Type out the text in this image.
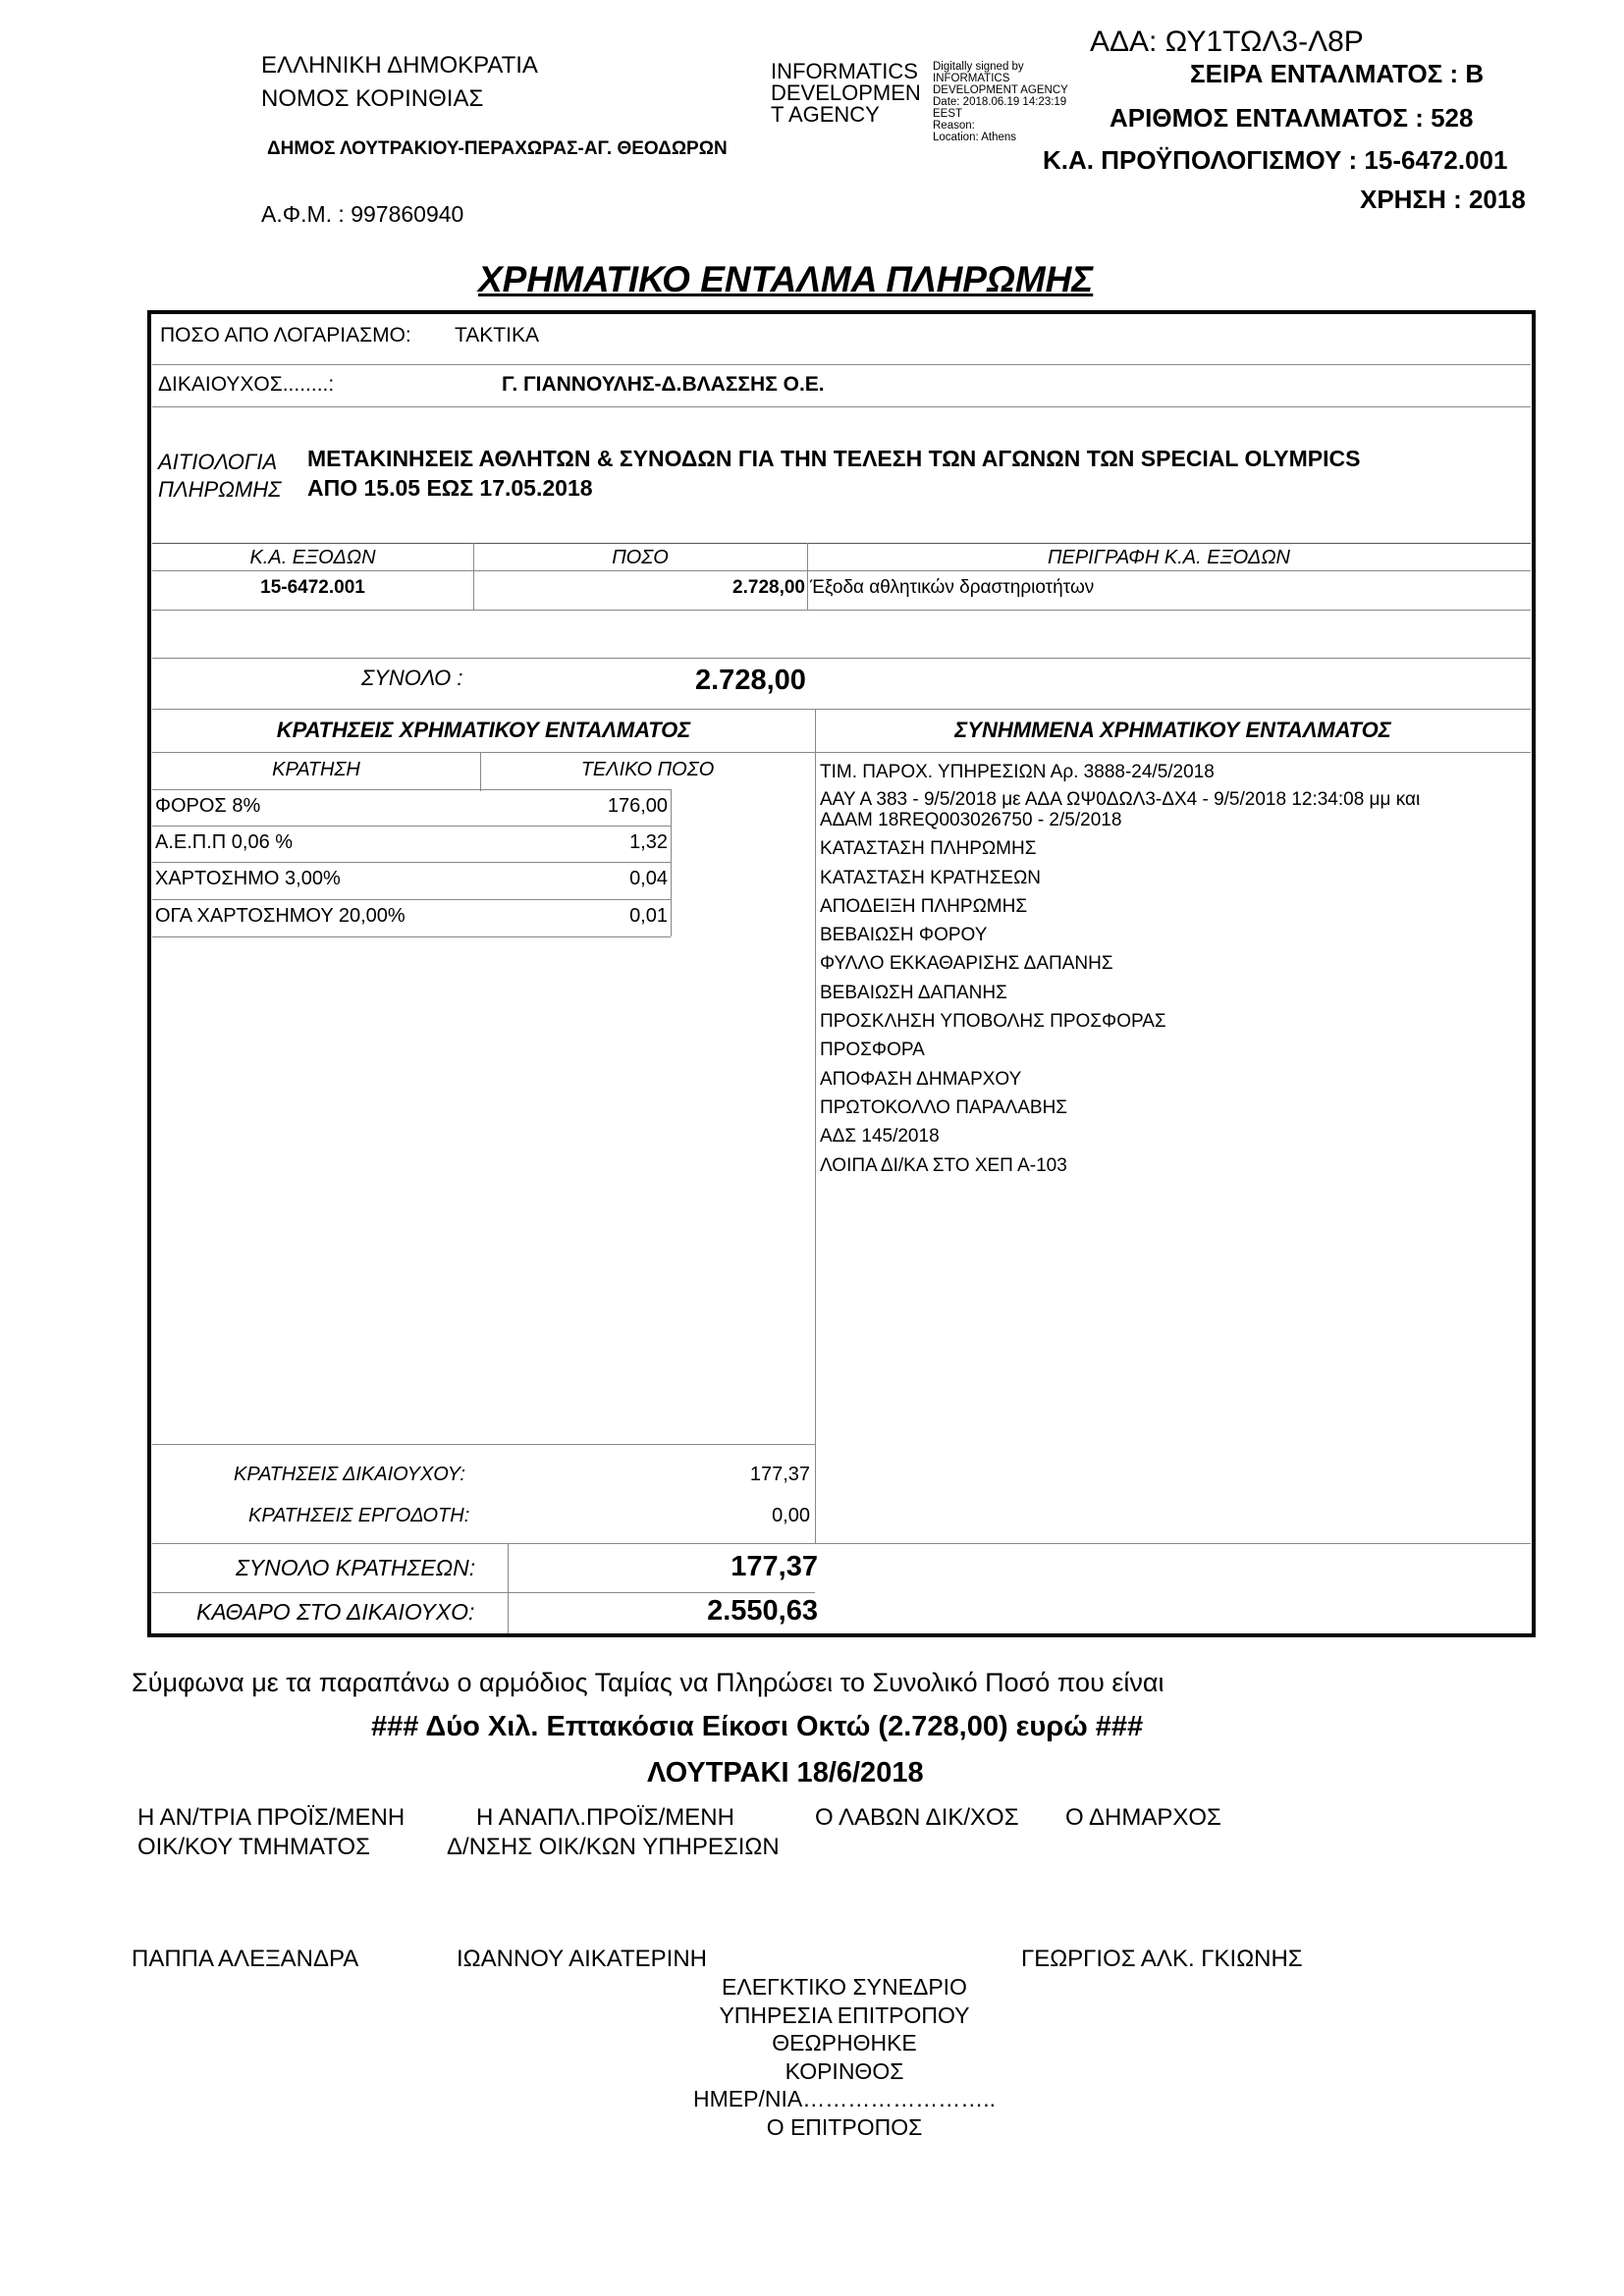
ΕΛΛΗΝΙΚΗ ΔΗΜΟΚΡΑΤΙΑ
ΝΟΜΟΣ ΚΟΡΙΝΘΙΑΣ
ΔΗΜΟΣ ΛΟΥΤΡΑΚΙΟΥ-ΠΕΡΑΧΩΡΑΣ-ΑΓ. ΘΕΟΔΩΡΩΝ
Α.Φ.Μ. : 997860940
INFORMATICS
DEVELOPMEN
T AGENCY
Digitally signed by
INFORMATICS
DEVELOPMENT AGENCY
Date: 2018.06.19 14:23:19
EEST
Reason:
Location: Athens
ΑΔΑ: ΩΥ1ΤΩΛ3-Λ8Ρ
ΣΕΙΡΑ ΕΝΤΑΛΜΑΤΟΣ : Β
ΑΡΙΘΜΟΣ ΕΝΤΑΛΜΑΤΟΣ : 528
Κ.Α. ΠΡΟΫΠΟΛΟΓΙΣΜΟΥ : 15-6472.001
ΧΡΗΣΗ : 2018
ΧΡΗΜΑΤΙΚΟ ΕΝΤΑΛΜΑ ΠΛΗΡΩΜΗΣ
ΠΟΣΟ ΑΠΟ ΛΟΓΑΡΙΑΣΜΟ: ΤΑΚΤΙΚΑ
ΔΙΚΑΙΟΥΧΟΣ........:	Γ. ΓΙΑΝΝΟΥΛΗΣ-Δ.ΒΛΑΣΣΗΣ Ο.Ε.
ΑΙΤΙΟΛΟΓΙΑ
ΠΛΗΡΩΜΗΣ
ΜΕΤΑΚΙΝΗΣΕΙΣ ΑΘΛΗΤΩΝ & ΣΥΝΟΔΩΝ ΓΙΑ ΤΗΝ ΤΕΛΕΣΗ ΤΩΝ ΑΓΩΝΩΝ ΤΩΝ SPECIAL OLYMPICS
ΑΠΟ 15.05 ΕΩΣ 17.05.2018
Κ.Α. ΕΞΟΔΩΝ	ΠΟΣΟ	ΠΕΡΙΓΡΑΦΗ Κ.Α. ΕΞΟΔΩΝ
15-6472.001	2.728,00 Έξοδα αθλητικών δραστηριοτήτων
ΣΥΝΟΛΟ :	2.728,00
ΚΡΑΤΗΣΕΙΣ ΧΡΗΜΑΤΙΚΟΥ ΕΝΤΑΛΜΑΤΟΣ	ΣΥΝΗΜΜΕΝΑ ΧΡΗΜΑΤΙΚΟΥ ΕΝΤΑΛΜΑΤΟΣ
ΚΡΑΤΗΣΗ	ΤΕΛΙΚΟ ΠΟΣΟ
ΦΟΡΟΣ 8%	176,00
Α.Ε.Π.Π 0,06 %	1,32
ΧΑΡΤΟΣΗΜΟ 3,00%	0,04
ΟΓΑ ΧΑΡΤΟΣΗΜΟΥ 20,00%	0,01
ΤΙΜ. ΠΑΡΟΧ. ΥΠΗΡΕΣΙΩΝ Αρ. 3888-24/5/2018
ΑΑΥ Α 383 - 9/5/2018 με ΑΔΑ ΩΨ0ΔΩΛ3-ΔΧ4 - 9/5/2018 12:34:08 μμ και
ΑΔΑΜ 18REQ003026750 - 2/5/2018
ΚΑΤΑΣΤΑΣΗ ΠΛΗΡΩΜΗΣ
ΚΑΤΑΣΤΑΣΗ ΚΡΑΤΗΣΕΩΝ
ΑΠΟΔΕΙΞΗ ΠΛΗΡΩΜΗΣ
ΒΕΒΑΙΩΣΗ ΦΟΡΟΥ
ΦΥΛΛΟ ΕΚΚΑΘΑΡΙΣΗΣ ΔΑΠΑΝΗΣ
ΒΕΒΑΙΩΣΗ ΔΑΠΑΝΗΣ
ΠΡΟΣΚΛΗΣΗ ΥΠΟΒΟΛΗΣ ΠΡΟΣΦΟΡΑΣ
ΠΡΟΣΦΟΡΑ
ΑΠΟΦΑΣΗ ΔΗΜΑΡΧΟΥ
ΠΡΩΤΟΚΟΛΛΟ ΠΑΡΑΛΑΒΗΣ
ΑΔΣ 145/2018
ΛΟΙΠΑ ΔΙ/ΚΑ ΣΤΟ ΧΕΠ Α-103
ΚΡΑΤΗΣΕΙΣ ΔΙΚΑΙΟΥΧΟΥ:	177,37
ΚΡΑΤΗΣΕΙΣ ΕΡΓΟΔΟΤΗ:	0,00
ΣΥΝΟΛΟ ΚΡΑΤΗΣΕΩΝ:	177,37
ΚΑΘΑΡΟ ΣΤΟ ΔΙΚΑΙΟΥΧΟ:	2.550,63
Σύμφωνα με τα παραπάνω ο αρμόδιος Ταμίας να Πληρώσει το Συνολικό Ποσό που είναι
### Δύο Χιλ. Επτακόσια Είκοσι Οκτώ (2.728,00) ευρώ ###
ΛΟΥΤΡΑΚΙ 18/6/2018
Η ΑΝ/ΤΡΙΑ ΠΡΟΪΣ/ΜΕΝΗ
ΟΙΚ/ΚΟΥ ΤΜΗΜΑΤΟΣ
Η ΑΝΑΠΛ.ΠΡΟΪΣ/ΜΕΝΗ
Δ/ΝΣΗΣ ΟΙΚ/ΚΩΝ ΥΠΗΡΕΣΙΩΝ
Ο ΛΑΒΩΝ ΔΙΚ/ΧΟΣ Ο ΔΗΜΑΡΧΟΣ
ΠΑΠΠΑ ΑΛΕΞΑΝΔΡΑ	ΙΩΑΝΝΟΥ ΑΙΚΑΤΕΡΙΝΗ	ΓΕΩΡΓΙΟΣ ΑΛΚ. ΓΚΙΩΝΗΣ
ΕΛΕΓΚΤΙΚΟ ΣΥΝΕΔΡΙΟ
ΥΠΗΡΕΣΙΑ ΕΠΙΤΡΟΠΟΥ
ΘΕΩΡΗΘΗΚΕ
ΚΟΡΙΝΘΟΣ
ΗΜΕΡ/ΝΙΑ……………………..
Ο ΕΠΙΤΡΟΠΟΣ
